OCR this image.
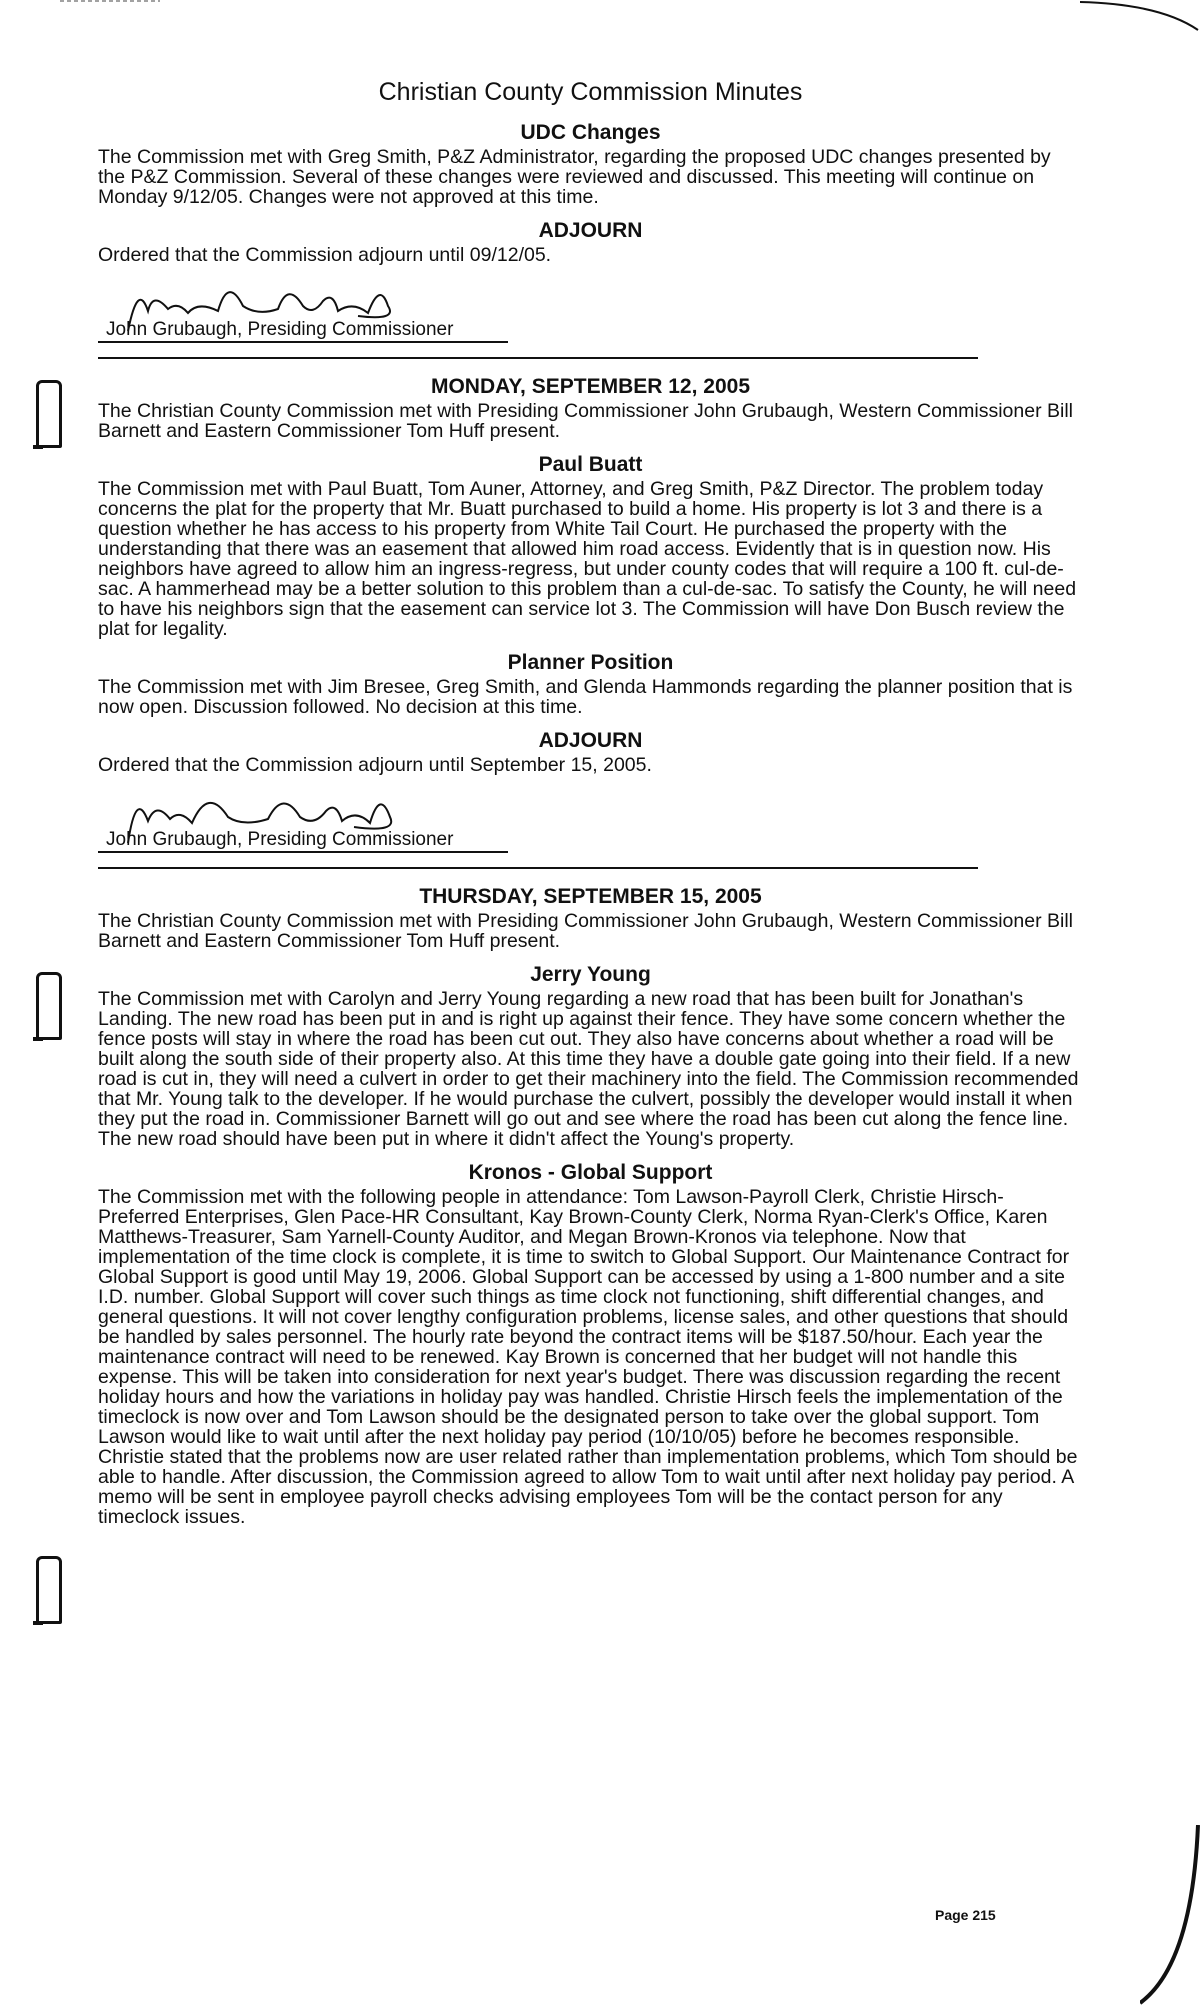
Christian County Commission Minutes
UDC Changes

The Commission met with Greg Smith, P&Z Administrator, regarding the proposed UDC changes presented by the P&Z Commission. Several of these changes were reviewed and discussed. This meeting will continue on Monday 9/12/05. Changes were not approved at this time.

ADJOURN

Ordered that the Commission adjourn until 09/12/05.

John Grubaugh, Presiding Commissioner
MONDAY, SEPTEMBER 12, 2005

The Christian County Commission met with Presiding Commissioner John Grubaugh, Western Commissioner Bill Barnett and Eastern Commissioner Tom Huff present.

Paul Buatt

The Commission met with Paul Buatt, Tom Auner, Attorney, and Greg Smith, P&Z Director. The problem today concerns the plat for the property that Mr. Buatt purchased to build a home. His property is lot 3 and there is a question whether he has access to his property from White Tail Court. He purchased the property with the understanding that there was an easement that allowed him road access. Evidently that is in question now. His neighbors have agreed to allow him an ingress-regress, but under county codes that will require a 100 ft. cul-de-sac. A hammerhead may be a better solution to this problem than a cul-de-sac. To satisfy the County, he will need to have his neighbors sign that the easement can service lot 3. The Commission will have Don Busch review the plat for legality.

Planner Position

The Commission met with Jim Bresee, Greg Smith, and Glenda Hammonds regarding the planner position that is now open. Discussion followed. No decision at this time.

ADJOURN

Ordered that the Commission adjourn until September 15, 2005.

John Grubaugh, Presiding Commissioner
THURSDAY, SEPTEMBER 15, 2005

The Christian County Commission met with Presiding Commissioner John Grubaugh, Western Commissioner Bill Barnett and Eastern Commissioner Tom Huff present.

Jerry Young

The Commission met with Carolyn and Jerry Young regarding a new road that has been built for Jonathan's Landing. The new road has been put in and is right up against their fence. They have some concern whether the fence posts will stay in where the road has been cut out. They also have concerns about whether a road will be built along the south side of their property also. At this time they have a double gate going into their field. If a new road is cut in, they will need a culvert in order to get their machinery into the field. The Commission recommended that Mr. Young talk to the developer. If he would purchase the culvert, possibly the developer would install it when they put the road in. Commissioner Barnett will go out and see where the road has been cut along the fence line. The new road should have been put in where it didn't affect the Young's property.

Kronos - Global Support

The Commission met with the following people in attendance: Tom Lawson-Payroll Clerk, Christie Hirsch-Preferred Enterprises, Glen Pace-HR Consultant, Kay Brown-County Clerk, Norma Ryan-Clerk's Office, Karen Matthews-Treasurer, Sam Yarnell-County Auditor, and Megan Brown-Kronos via telephone. Now that implementation of the time clock is complete, it is time to switch to Global Support. Our Maintenance Contract for Global Support is good until May 19, 2006. Global Support can be accessed by using a 1-800 number and a site I.D. number. Global Support will cover such things as time clock not functioning, shift differential changes, and general questions. It will not cover lengthy configuration problems, license sales, and other questions that should be handled by sales personnel. The hourly rate beyond the contract items will be $187.50/hour. Each year the maintenance contract will need to be renewed. Kay Brown is concerned that her budget will not handle this expense. This will be taken into consideration for next year's budget. There was discussion regarding the recent holiday hours and how the variations in holiday pay was handled. Christie Hirsch feels the implementation of the timeclock is now over and Tom Lawson should be the designated person to take over the global support. Tom Lawson would like to wait until after the next holiday pay period (10/10/05) before he becomes responsible. Christie stated that the problems now are user related rather than implementation problems, which Tom should be able to handle. After discussion, the Commission agreed to allow Tom to wait until after next holiday pay period. A memo will be sent in employee payroll checks advising employees Tom will be the contact person for any timeclock issues.

Page 215
